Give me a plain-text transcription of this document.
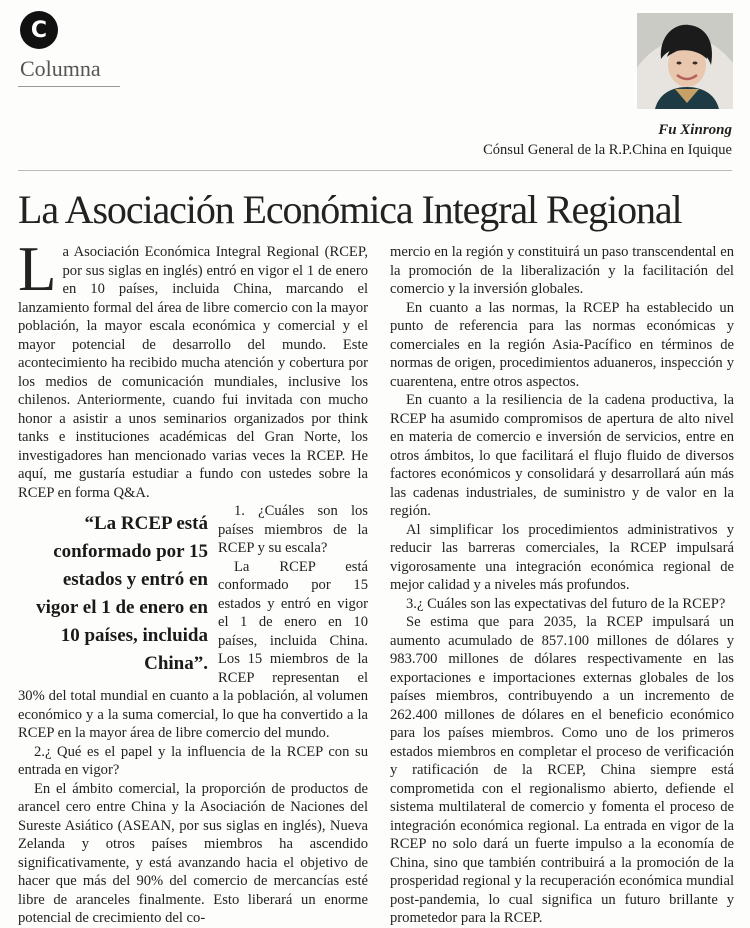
C
Columna
Fu Xinrong
Cónsul General de la R.P.China en Iquique
La Asociación Económica Integral Regional

La Asociación Económica Integral Regional (RCEP, por sus siglas en inglés) entró en vigor el 1 de enero en 10 países, incluida China, marcando el lanzamiento formal del área de libre comercio con la mayor población, la mayor escala económica y comercial y el mayor potencial de desarrollo del mundo. Este acontecimiento ha recibido mucha atención y cobertura por los medios de comunicación mundiales, inclusive los chilenos. Anteriormente, cuando fui invitada con mucho honor a asistir a unos seminarios organizados por think tanks e instituciones académicas del Gran Norte, los investigadores han mencionado varias veces la RCEP. He aquí, me gustaría estudiar a fundo con ustedes sobre la RCEP en forma Q&A.

“La RCEP está conformado por 15 estados y entró en vigor el 1 de enero en 10 países, incluida China”.

1. ¿Cuáles son los países miembros de la RCEP y su escala?

La RCEP está conformado por 15 estados y entró en vigor el 1 de enero en 10 países, incluida China. Los 15 miembros de la RCEP representan el 30% del total mundial en cuanto a la población, al volumen económico y a la suma comercial, lo que ha convertido a la RCEP en la mayor área de libre comercio del mundo.

2.¿ Qué es el papel y la influencia de la RCEP con su entrada en vigor?

En el ámbito comercial, la proporción de productos de arancel cero entre China y la Asociación de Naciones del Sureste Asiático (ASEAN, por sus siglas en inglés), Nueva Zelanda y otros países miembros ha ascendido significativamente, y está avanzando hacia el objetivo de hacer que más del 90% del comercio de mercancías esté libre de aranceles finalmente. Esto liberará un enorme potencial de crecimiento del co-

mercio en la región y constituirá un paso transcendental en la promoción de la liberalización y la facilitación del comercio y la inversión globales.

En cuanto a las normas, la RCEP ha establecido un punto de referencia para las normas económicas y comerciales en la región Asia-Pacífico en términos de normas de origen, procedimientos aduaneros, inspección y cuarentena, entre otros aspectos.

En cuanto a la resiliencia de la cadena productiva, la RCEP ha asumido compromisos de apertura de alto nivel en materia de comercio e inversión de servicios, entre en otros ámbitos, lo que facilitará el flujo fluido de diversos factores económicos y consolidará y desarrollará aún más las cadenas industriales, de suministro y de valor en la región.

Al simplificar los procedimientos administrativos y reducir las barreras comerciales, la RCEP impulsará vigorosamente una integración económica regional de mejor calidad y a niveles más profundos.

3.¿ Cuáles son las expectativas del futuro de la RCEP?

Se estima que para 2035, la RCEP impulsará un aumento acumulado de 857.100 millones de dólares y 983.700 millones de dólares respectivamente en las exportaciones e importaciones externas globales de los países miembros, contribuyendo a un incremento de 262.400 millones de dólares en el beneficio económico para los países miembros. Como uno de los primeros estados miembros en completar el proceso de verificación y ratificación de la RCEP, China siempre está comprometida con el regionalismo abierto, defiende el sistema multilateral de comercio y fomenta el proceso de integración económica regional. La entrada en vigor de la RCEP no solo dará un fuerte impulso a la economía de China, sino que también contribuirá a la promoción de la prosperidad regional y la recuperación económica mundial post-pandemia, lo cual significa un futuro brillante y prometedor para la RCEP.
